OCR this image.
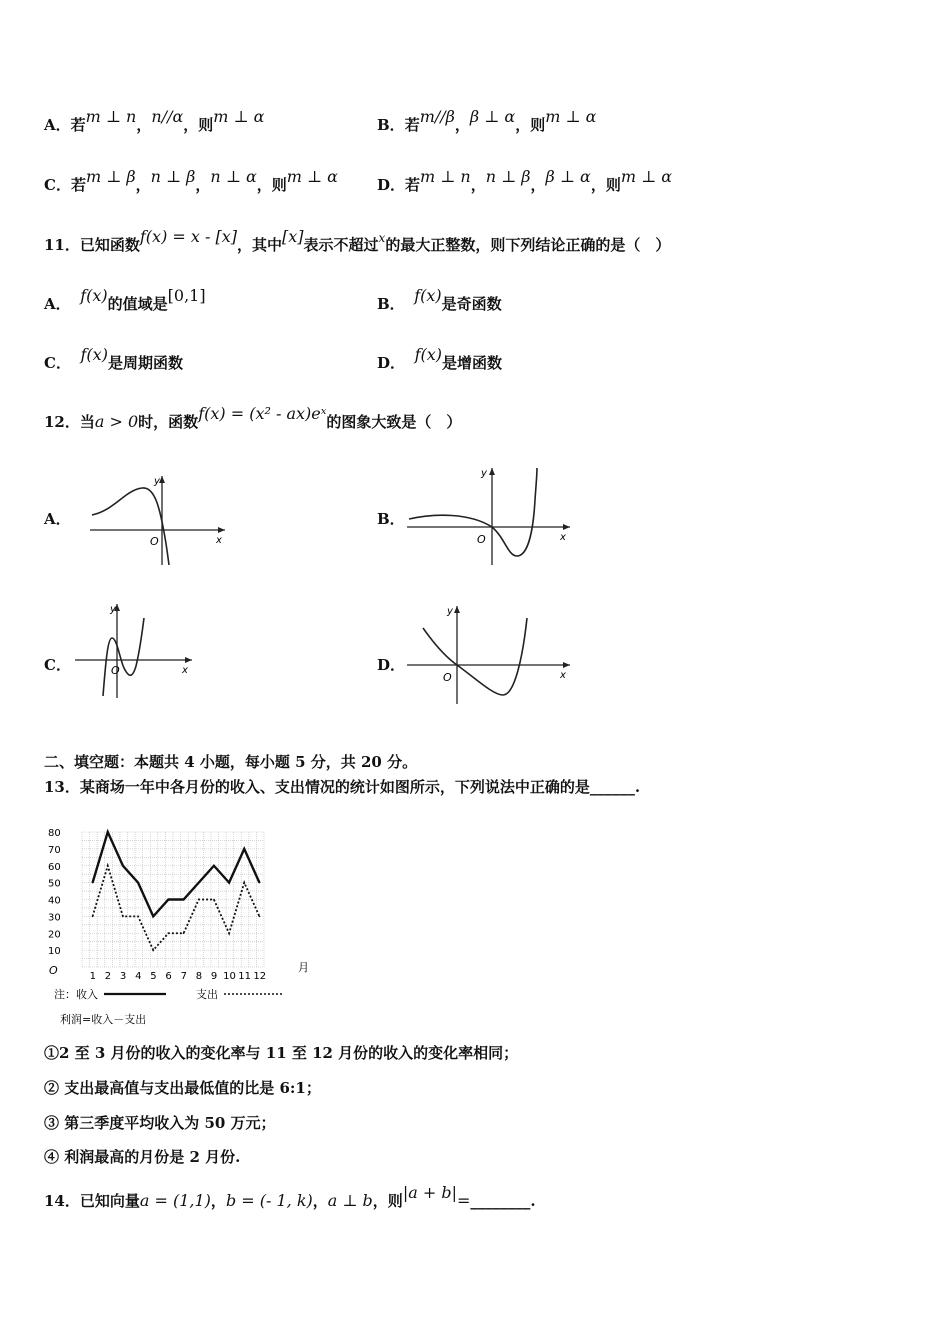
A．若m ⊥ n，n//α，则m ⊥ α	B．若m//β，β ⊥ α，则m ⊥ α
C．若m ⊥ β，n ⊥ β，n ⊥ α，则m ⊥ α	D．若m ⊥ n，n ⊥ β，β ⊥ α，则m ⊥ α
11．已知函数f(x) = x - [x]，其中[x]表示不超过$^x$的最大正整数，则下列结论正确的是（　）
A． f(x)的值域是[0,1]	B． f(x)是奇函数
C． f(x)是周期函数	D． f(x)是增函数
12．当a > 0时，函数f(x) = (x² - ax)eˣ的图象大致是（　）
A．	B．
C．	D．
y
x
O
y
x
O
y
x
O
y
x
O
二、填空题：本题共 4 小题，每小题 5 分，共 20 分。
13．某商场一年中各月份的收入、支出情况的统计如图所示，下列说法中正确的是______.
10
20
30
40
50
60
70
80
1 2 3 4 5 6 7 8 9 10 11 12
O	月
注：收入	支出
利润=收入－支出
①2 至 3 月份的收入的变化率与 11 至 12 月份的收入的变化率相同；
② 支出最高值与支出最低值的比是 6:1；
③ 第三季度平均收入为 50 万元；
④ 利润最高的月份是 2 月份.
14．已知向量a = (1,1)，b = (- 1, k)，a ⊥ b，则|a + b|=________.
